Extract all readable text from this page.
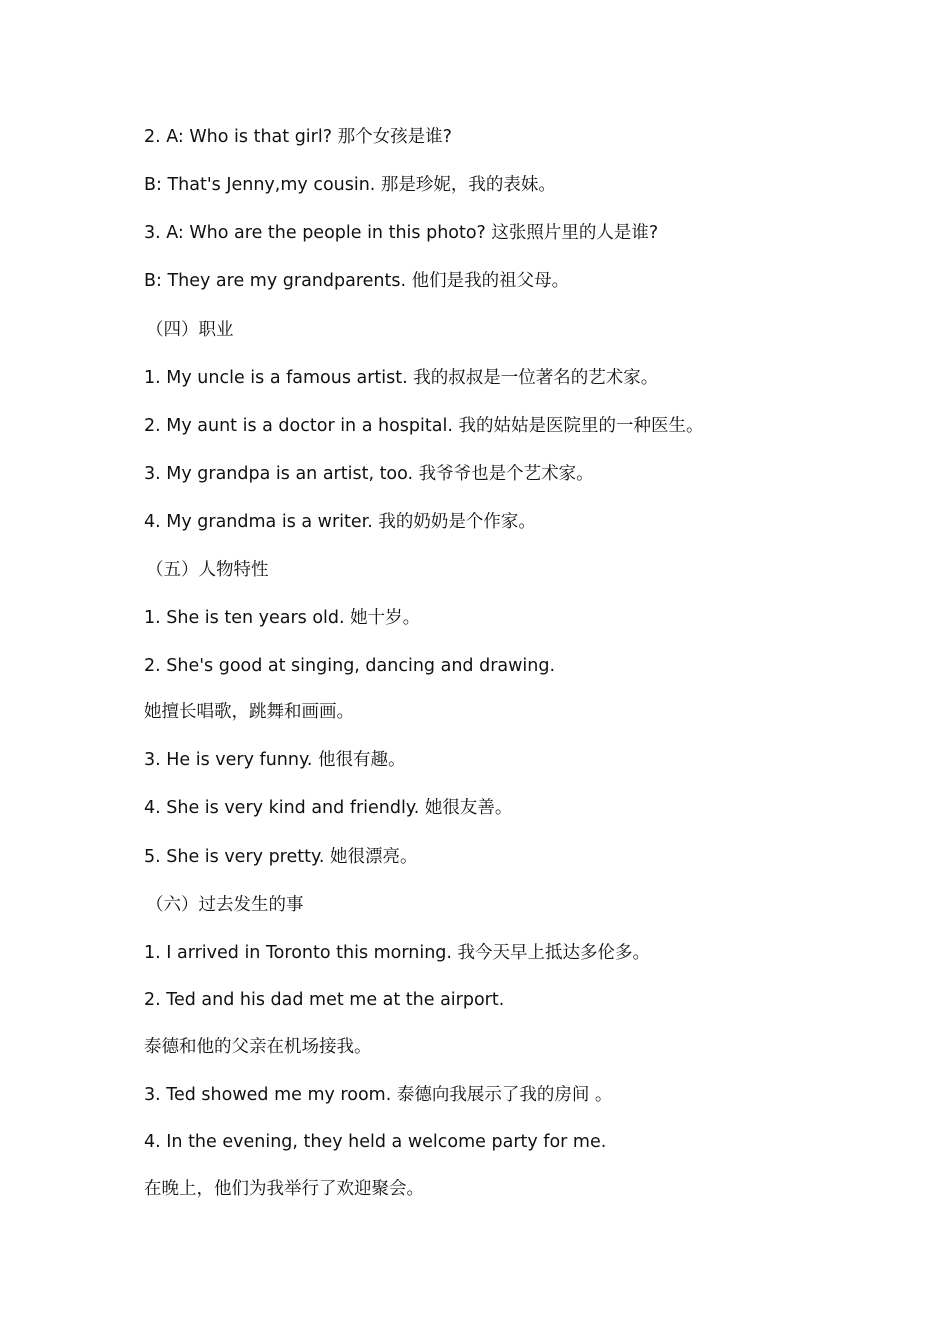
2. A: Who is that girl? 那个女孩是谁?

B: That's Jenny,my cousin. 那是珍妮，我的表妹。

3. A: Who are the people in this photo? 这张照片里的人是谁?

B: They are my grandparents. 他们是我的祖父母。

（四）职业

1. My uncle is a famous artist. 我的叔叔是一位著名的艺术家。

2. My aunt is a doctor in a hospital. 我的姑姑是医院里的一种医生。

3. My grandpa is an artist, too. 我爷爷也是个艺术家。

4. My grandma is a writer. 我的奶奶是个作家。

（五）人物特性

1. She is ten years old. 她十岁。

2. She's good at singing, dancing and drawing.

她擅长唱歌，跳舞和画画。

3. He is very funny. 他很有趣。

4. She is very kind and friendly. 她很友善。

5. She is very pretty. 她很漂亮。

（六）过去发生的事

1. I arrived in Toronto this morning. 我今天早上抵达多伦多。

2. Ted and his dad met me at the airport.

泰德和他的父亲在机场接我。

3. Ted showed me my room. 泰德向我展示了我的房间 。

4. In the evening, they held a welcome party for me.

在晚上，他们为我举行了欢迎聚会。
